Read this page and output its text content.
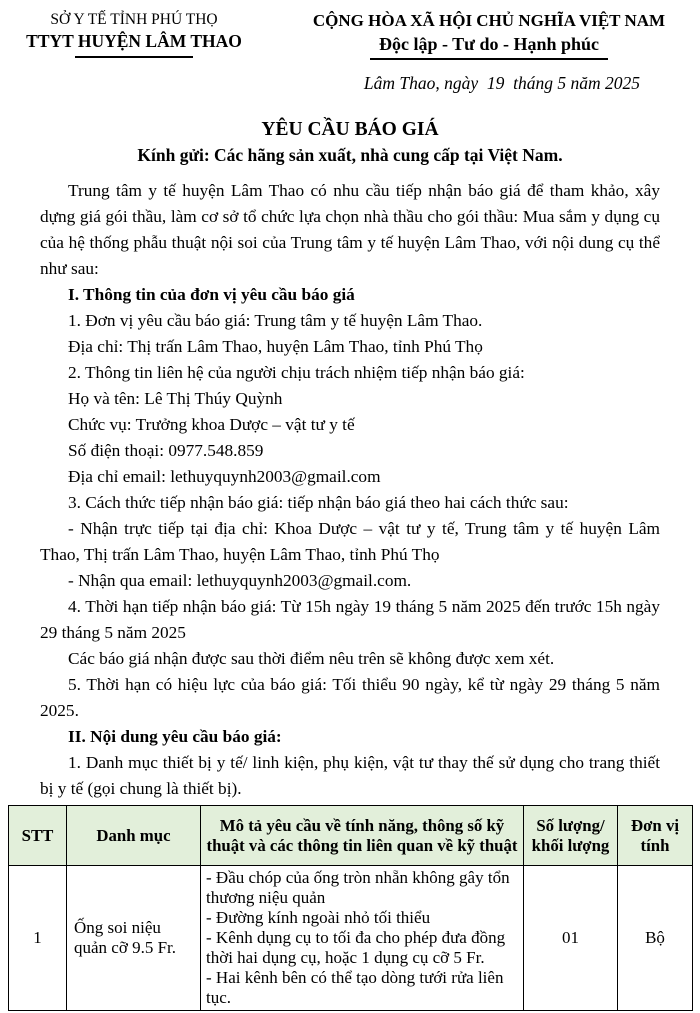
SỞ Y TẾ TỈNH PHÚ THỌ
TTYT HUYỆN LÂM THAO
CỘNG HÒA XÃ HỘI CHỦ NGHĨA VIỆT NAM
Độc lập - Tư do - Hạnh phúc
Lâm Thao, ngày  19  tháng 5 năm 2025
YÊU CẦU BÁO GIÁ
Kính gửi: Các hãng sản xuất, nhà cung cấp tại Việt Nam.
Trung tâm y tế huyện Lâm Thao có nhu cầu tiếp nhận báo giá để tham khảo, xây dựng giá gói thầu, làm cơ sở tổ chức lựa chọn nhà thầu cho gói thầu: Mua sắm y dụng cụ của hệ thống phẫu thuật nội soi của Trung tâm y tế huyện Lâm Thao, với nội dung cụ thể như sau:
I. Thông tin của đơn vị yêu cầu báo giá
1. Đơn vị yêu cầu báo giá: Trung tâm y tế huyện Lâm Thao.
Địa chỉ: Thị trấn Lâm Thao, huyện Lâm Thao, tỉnh Phú Thọ
2. Thông tin liên hệ của người chịu trách nhiệm tiếp nhận báo giá:
Họ và tên: Lê Thị Thúy Quỳnh
Chức vụ: Trưởng khoa Dược – vật tư y tế
Số điện thoại: 0977.548.859
Địa chỉ email: lethuyquynh2003@gmail.com
3. Cách thức tiếp nhận báo giá: tiếp nhận báo giá theo hai cách thức sau:
- Nhận trực tiếp tại địa chỉ: Khoa Dược – vật tư y tế, Trung tâm y tế huyện Lâm Thao, Thị trấn Lâm Thao, huyện Lâm Thao, tỉnh Phú Thọ
- Nhận qua email: lethuyquynh2003@gmail.com.
4. Thời hạn tiếp nhận báo giá: Từ 15h ngày 19 tháng 5 năm 2025 đến trước 15h ngày 29 tháng 5 năm 2025
Các báo giá nhận được sau thời điểm nêu trên sẽ không được xem xét.
5. Thời hạn có hiệu lực của báo giá: Tối thiểu 90 ngày, kể từ ngày 29 tháng 5 năm 2025.
II. Nội dung yêu cầu báo giá:
1. Danh mục thiết bị y tế/ linh kiện, phụ kiện, vật tư thay thế sử dụng cho trang thiết bị y tế (gọi chung là thiết bị).
STT	Danh mục	Mô tả yêu cầu về tính năng, thông số kỹ thuật và các thông tin liên quan về kỹ thuật	Số lượng/ khối lượng	Đơn vị tính
1	Ống soi niệu quản cỡ 9.5 Fr.	- Đầu chóp của ống tròn nhẵn không gây tổn thương niệu quản
- Đường kính ngoài nhỏ tối thiểu
- Kênh dụng cụ to tối đa cho phép đưa đồng thời hai dụng cụ, hoặc 1 dụng cụ cỡ 5 Fr.
- Hai kênh bên có thể tạo dòng tưới rửa liên tục.	01	Bộ
